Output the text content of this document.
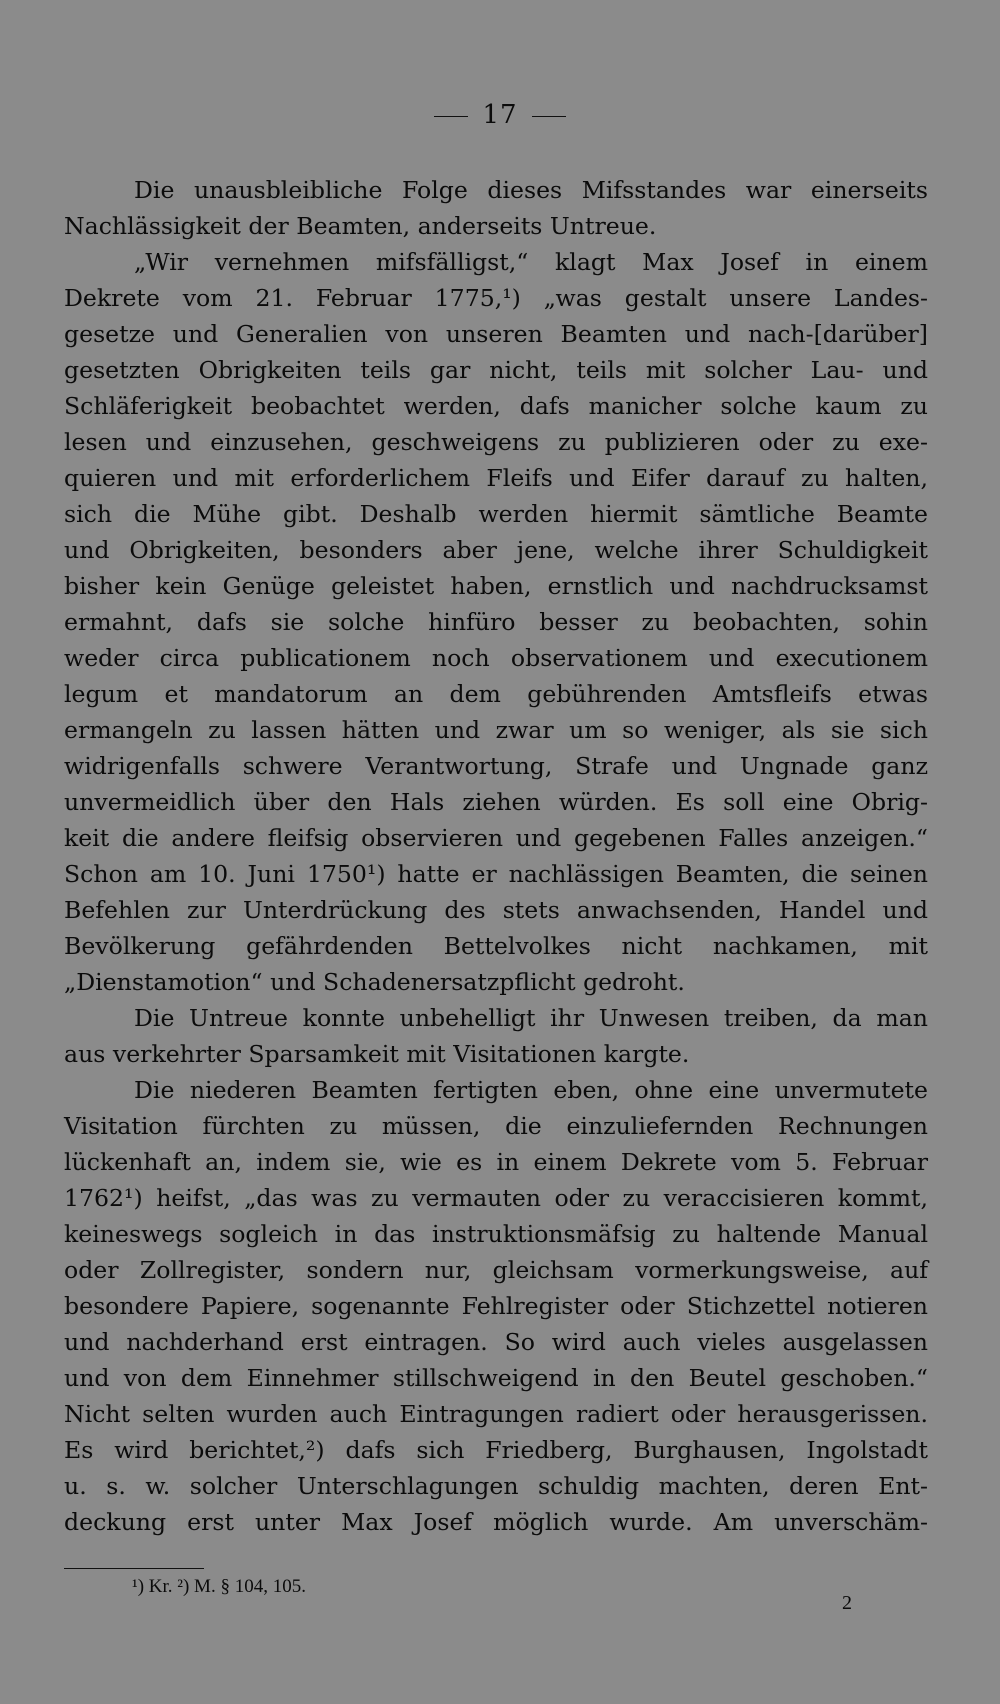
17
Die unausbleibliche Folge dieses Mifsstandes war einerseits
Nachlässigkeit der Beamten, anderseits Untreue.
„Wir vernehmen mifsfälligst,“ klagt Max Josef in einem
Dekrete vom 21. Februar 1775,¹) „was gestalt unsere Landes-
gesetze und Generalien von unseren Beamten und nach-[darüber]
gesetzten Obrigkeiten teils gar nicht, teils mit solcher Lau- und
Schläferigkeit beobachtet werden, dafs manicher solche kaum zu
lesen und einzusehen, geschweigens zu publizieren oder zu exe-
quieren und mit erforderlichem Fleifs und Eifer darauf zu halten,
sich die Mühe gibt. Deshalb werden hiermit sämtliche Beamte
und Obrigkeiten, besonders aber jene, welche ihrer Schuldigkeit
bisher kein Genüge geleistet haben, ernstlich und nachdrucksamst
ermahnt, dafs sie solche hinfüro besser zu beobachten, sohin
weder circa publicationem noch observationem und executionem
legum et mandatorum an dem gebührenden Amtsfleifs etwas
ermangeln zu lassen hätten und zwar um so weniger, als sie sich
widrigenfalls schwere Verantwortung, Strafe und Ungnade ganz
unvermeidlich über den Hals ziehen würden. Es soll eine Obrig-
keit die andere fleifsig observieren und gegebenen Falles anzeigen.“
Schon am 10. Juni 1750¹) hatte er nachlässigen Beamten, die seinen
Befehlen zur Unterdrückung des stets anwachsenden, Handel und
Bevölkerung gefährdenden Bettelvolkes nicht nachkamen, mit
„Dienstamotion“ und Schadenersatzpflicht gedroht.
Die Untreue konnte unbehelligt ihr Unwesen treiben, da man
aus verkehrter Sparsamkeit mit Visitationen kargte.
Die niederen Beamten fertigten eben, ohne eine unvermutete
Visitation fürchten zu müssen, die einzuliefernden Rechnungen
lückenhaft an, indem sie, wie es in einem Dekrete vom 5. Februar
1762¹) heifst, „das was zu vermauten oder zu veraccisieren kommt,
keineswegs sogleich in das instruktionsmäfsig zu haltende Manual
oder Zollregister, sondern nur, gleichsam vormerkungsweise, auf
besondere Papiere, sogenannte Fehlregister oder Stichzettel notieren
und nachderhand erst eintragen. So wird auch vieles ausgelassen
und von dem Einnehmer stillschweigend in den Beutel geschoben.“
Nicht selten wurden auch Eintragungen radiert oder herausgerissen.
Es wird berichtet,²) dafs sich Friedberg, Burghausen, Ingolstadt
u. s. w. solcher Unterschlagungen schuldig machten, deren Ent-
deckung erst unter Max Josef möglich wurde. Am unverschäm-
¹) Kr. ²) M. § 104, 105.
2
